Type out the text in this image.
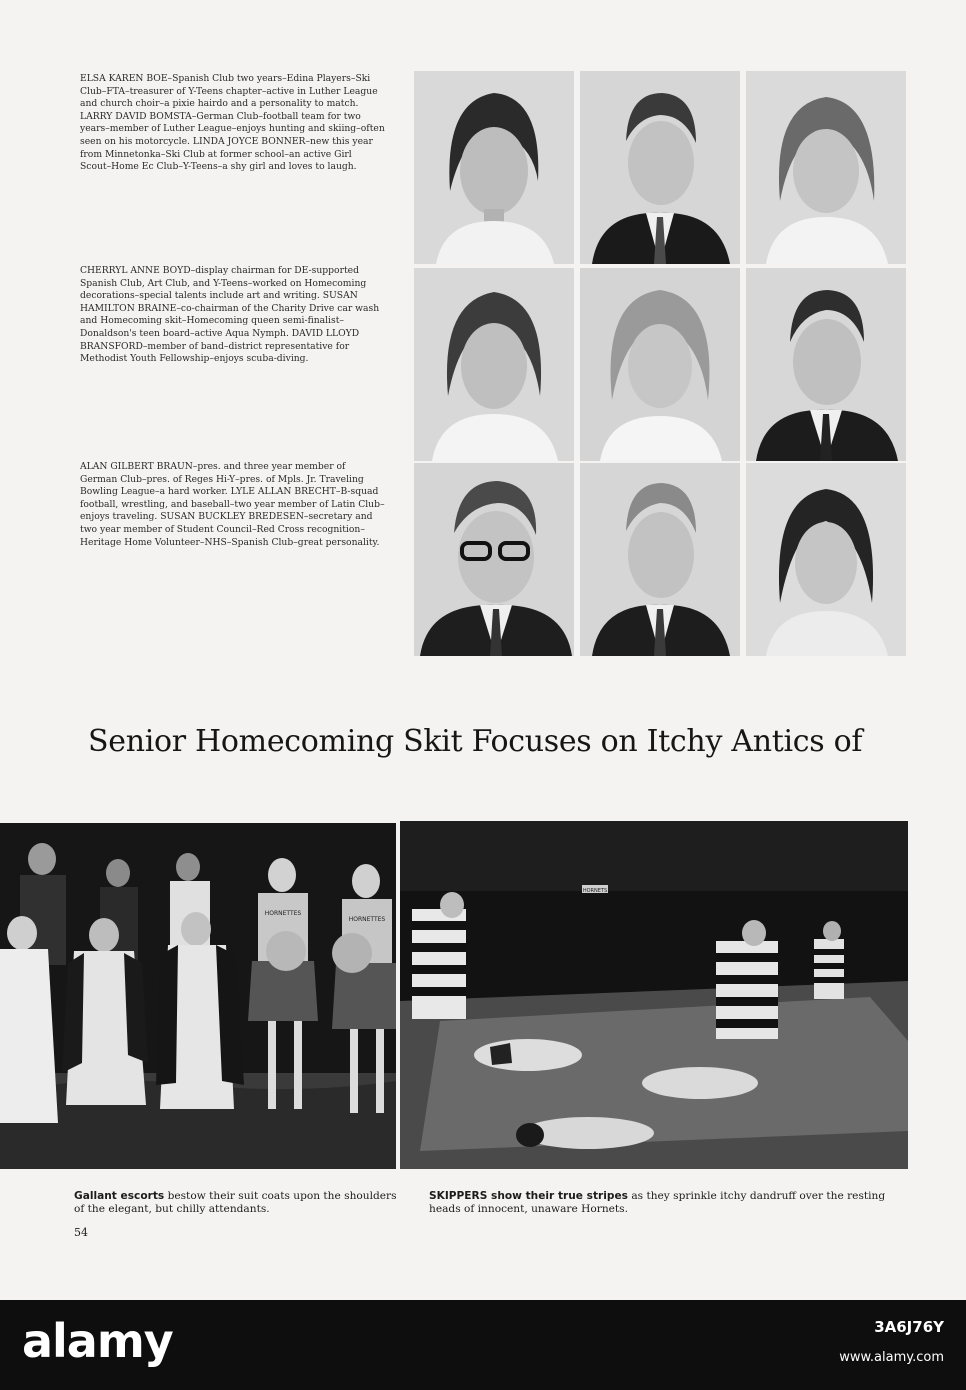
ELSA KAREN BOE–Spanish Club two years–Edina Players–Ski Club–FTA–treasurer of Y-Teens chapter–active in Luther League and church choir–a pixie hairdo and a personality to match. LARRY DAVID BOMSTA–German Club–football team for two years–member of Luther League–enjoys hunting and skiing–often seen on his motorcycle. LINDA JOYCE BONNER–new this year from Minnetonka–Ski Club at former school–an active Girl Scout–Home Ec Club–Y-Teens–a shy girl and loves to laugh.

CHERRYL ANNE BOYD–display chairman for DE-supported Spanish Club, Art Club, and Y-Teens–worked on Homecoming decorations–special talents include art and writing. SUSAN HAMILTON BRAINE–co-chairman of the Charity Drive car wash and Homecoming skit–Homecoming queen semi-finalist–Donaldson's teen board–active Aqua Nymph. DAVID LLOYD BRANSFORD–member of band–district representative for Methodist Youth Fellowship–enjoys scuba-diving.

ALAN GILBERT BRAUN–pres. and three year member of German Club–pres. of Reges Hi-Y–pres. of Mpls. Jr. Traveling Bowling League–a hard worker. LYLE ALLAN BRECHT–B-squad football, wrestling, and baseball–two year member of Latin Club–enjoys traveling. SUSAN BUCKLEY BREDESEN–secretary and two year member of Student Council–Red Cross recognition–Heritage Home Volunteer–NHS–Spanish Club–great personality.

Senior Homecoming Skit Focuses on Itchy Antics of
HORNETTES
HORNETTES
HORNETS

Gallant escorts bestow their suit coats upon the shoulders of the elegant, but chilly attendants.

SKIPPERS show their true stripes as they sprinkle itchy dandruff over the resting heads of innocent, unaware Hornets.

54
alamy	3A6J76Y
www.alamy.com
